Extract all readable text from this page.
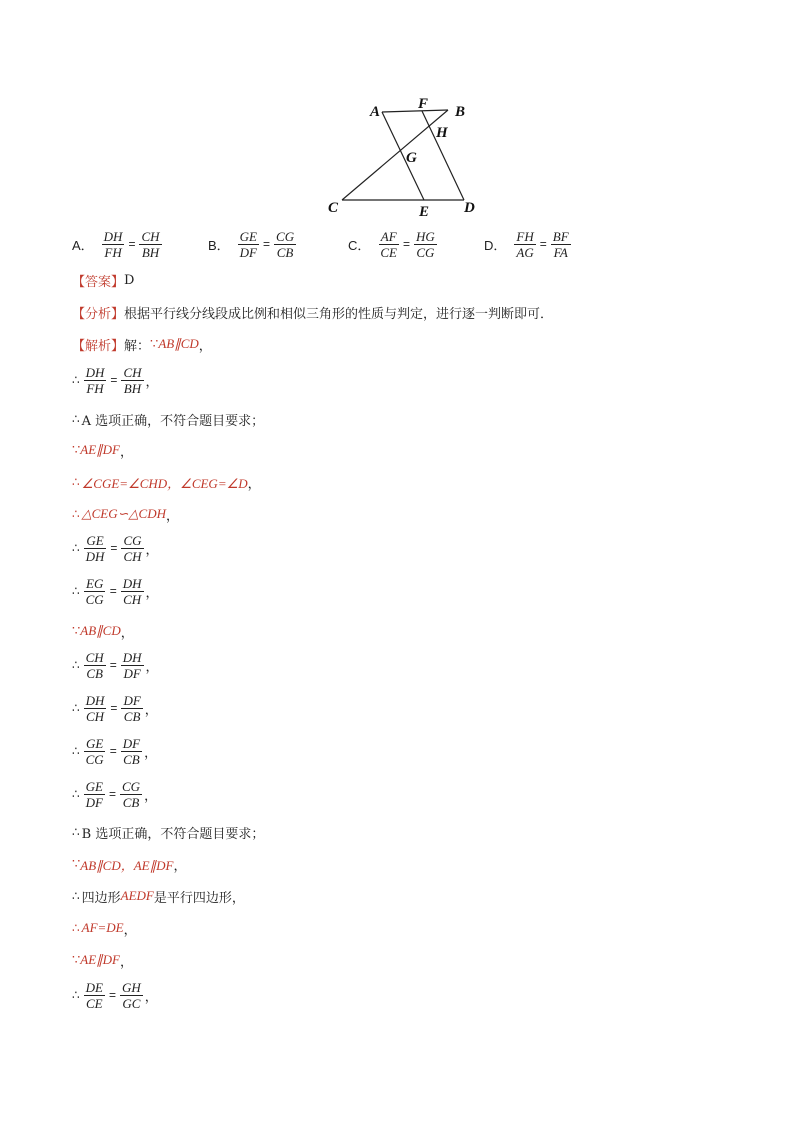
A	F B
H
G
C	E D
A． $\frac{DH}{FH} = \frac{CH}{BH}$	B． $\frac{GE}{DF} = \frac{CG}{CB}$	C． $\frac{AF}{CE} = \frac{HG}{CG}$	D． $\frac{FH}{AG} = \frac{BF}{FA}$
【答案】 D
【分析】 根据平行线分线段成比例和相似三角形的性质与判定，进行逐一判断即可．
【解析】 解： ∵ AB∥CD ，
∴ $\frac{DH}{FH} = \frac{CH}{BH}$ ，
∴ A 选项正确，不符合题目要求；
∵ AE∥DF ，
∴ ∠CGE=∠CHD，∠CEG=∠D ，
∴ △CEG∽△CDH ，
∴ $\frac{GE}{DH} = \frac{CG}{CH}$ ，
∴ $\frac{EG}{CG} = \frac{DH}{CH}$ ，
∵ AB∥CD ，
∴ $\frac{CH}{CB} = \frac{DH}{DF}$ ，
∴ $\frac{DH}{CH} = \frac{DF}{CB}$ ，
∴ $\frac{GE}{CG} = \frac{DF}{CB}$ ，
∴ $\frac{GE}{DF} = \frac{CG}{CB}$ ，
∴ B 选项正确，不符合题目要求；
∵ AB∥CD，AE∥DF ，
∴ 四边形 AEDF 是平行四边形，
∴ AF=DE ，
∵ AE∥DF ，
∴ $\frac{DE}{CE} = \frac{GH}{GC}$ ，
